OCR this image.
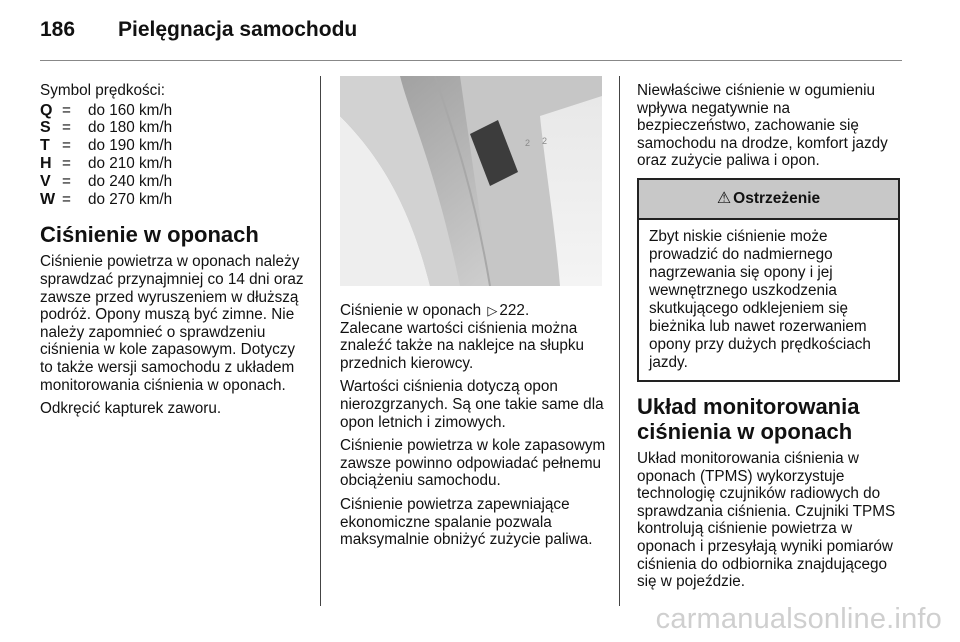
186 Pielęgnacja samochodu

Symbol prędkości:

Q =	do 160 km/h
S =	do 180 km/h
T =	do 190 km/h
H =	do 210 km/h
V =	do 240 km/h
W =	do 270 km/h
Ciśnienie w oponach

Ciśnienie powietrza w oponach należy sprawdzać przynajmniej co 14 dni oraz zawsze przed wyruszeniem w dłuższą podróż. Opony muszą być zimne. Nie należy zapomnieć o sprawdzeniu ciśnienia w kole zapasowym. Dotyczy to także wersji samochodu z układem monitorowania ciśnienia w oponach.

Odkręcić kapturek zaworu.

2 2

Ciśnienie w oponach ▷ 222.
Zalecane wartości ciśnienia można znaleźć także na naklejce na słupku przednich kierowcy.

Wartości ciśnienia dotyczą opon nierozgrzanych. Są one takie same dla opon letnich i zimowych.

Ciśnienie powietrza w kole zapasowym zawsze powinno odpowiadać pełnemu obciążeniu samochodu.

Ciśnienie powietrza zapewniające ekonomiczne spalanie pozwala maksymalnie obniżyć zużycie paliwa.

Niewłaściwe ciśnienie w ogumieniu wpływa negatywnie na bezpieczeństwo, zachowanie się samochodu na drodze, komfort jazdy oraz zużycie paliwa i opon.

⚠ Ostrzeżenie
Zbyt niskie ciśnienie może prowadzić do nadmiernego nagrzewania się opony i jej wewnętrznego uszkodzenia skutkującego odklejeniem się bieżnika lub nawet rozerwaniem opony przy dużych prędkościach jazdy.
Układ monitorowania ciśnienia w oponach

Układ monitorowania ciśnienia w oponach (TPMS) wykorzystuje technologię czujników radiowych do sprawdzania ciśnienia. Czujniki TPMS kontrolują ciśnienie powietrza w oponach i przesyłają wyniki pomiarów ciśnienia do odbiornika znajdującego się w pojeździe.

carmanualsonline.info
